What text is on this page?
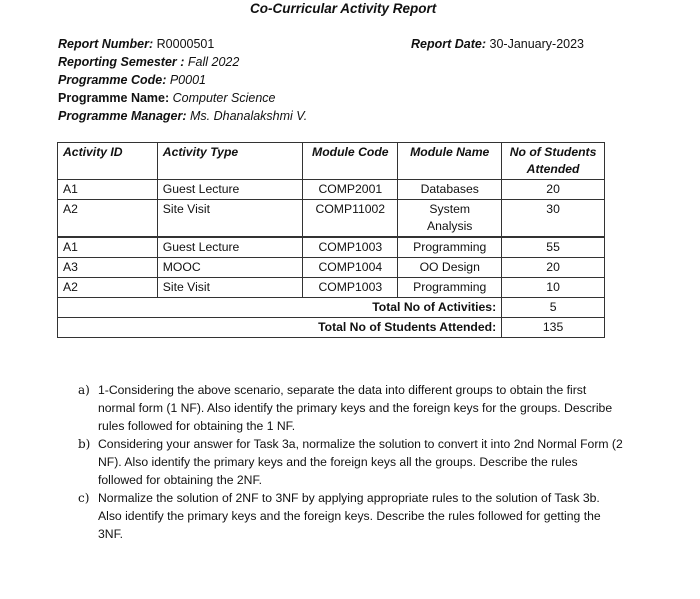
Co-Curricular Activity Report
Report Number: R0000501	Report Date: 30-January-2023
Reporting Semester : Fall 2022
Programme Code: P0001
Programme Name: Computer Science
Programme Manager: Ms. Dhanalakshmi V.
Activity ID	Activity Type	Module Code	Module Name	No of Students Attended
A1	Guest Lecture	COMP2001	Databases	20
A2	Site Visit	COMP11002	System Analysis	30
A1	Guest Lecture	COMP1003	Programming	55
A3	MOOC	COMP1004	OO Design	20
A2	Site Visit	COMP1003	Programming	10
Total No of Activities:				5
Total No of Students Attended:				135
a) 1-Considering the above scenario, separate the data into different groups to obtain the first normal form (1 NF). Also identify the primary keys and the foreign keys for the groups. Describe rules followed for obtaining the 1 NF.
b) Considering your answer for Task 3a, normalize the solution to convert it into 2nd Normal Form (2 NF). Also identify the primary keys and the foreign keys all the groups. Describe the rules followed for obtaining the 2NF.
c) Normalize the solution of 2NF to 3NF by applying appropriate rules to the solution of Task 3b. Also identify the primary keys and the foreign keys. Describe the rules followed for getting the 3NF.
